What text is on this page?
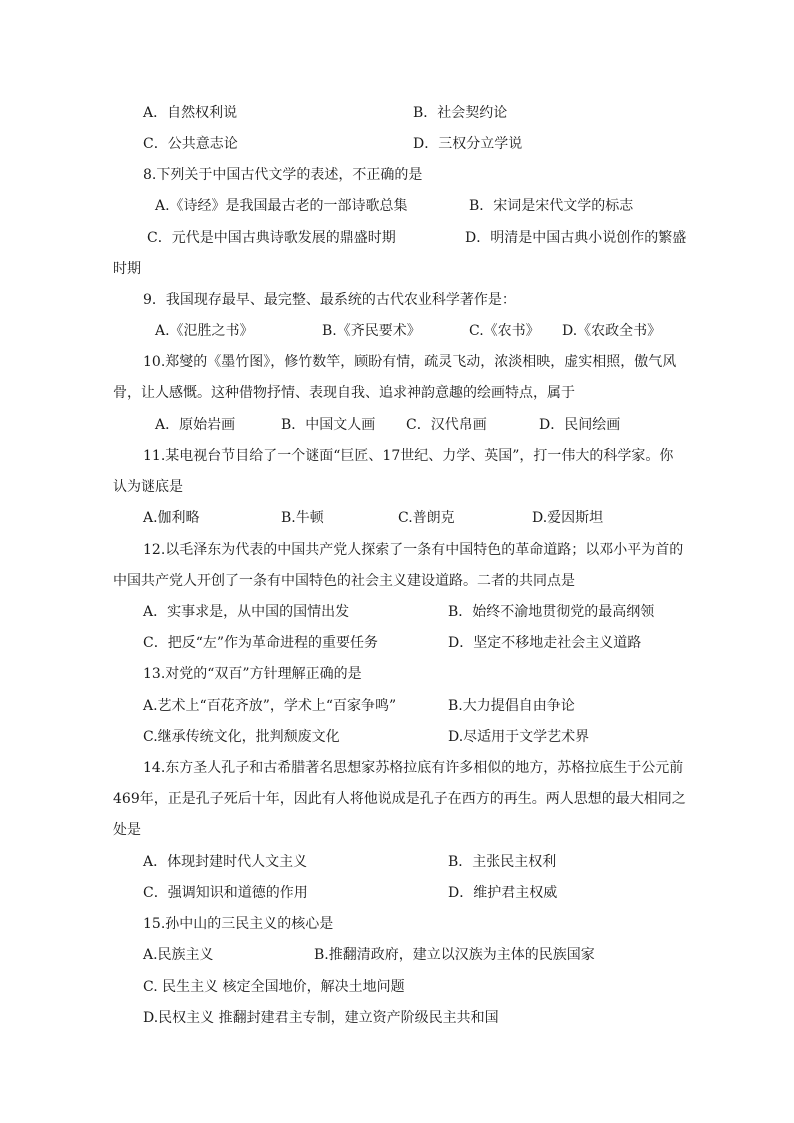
A．自然权利说	B．社会契约论
C．公共意志论	D．三权分立学说
8.下列关于中国古代文学的表述，不正确的是
A.《诗经》是我国最古老的一部诗歌总集	B．宋词是宋代文学的标志
C．元代是中国古典诗歌发展的鼎盛时期	D．明清是中国古典小说创作的繁盛
时期
9．我国现存最早、最完整、最系统的古代农业科学著作是：
A.《氾胜之书》	B.《齐民要术》	C.《农书》 D.《农政全书》
10.郑燮的《墨竹图》，修竹数竿，顾盼有情，疏灵飞动，浓淡相映，虚实相照，傲气风
骨，让人感慨。这种借物抒情、表现自我、追求神韵意趣的绘画特点，属于
A．原始岩画	B．中国文人画 C．汉代帛画	D．民间绘画
11.某电视台节目给了一个谜面“巨匠、17世纪、力学、英国”，打一伟大的科学家。你
认为谜底是
A.伽利略	B.牛顿	C.普朗克	D.爱因斯坦
12.以毛泽东为代表的中国共产党人探索了一条有中国特色的革命道路；以邓小平为首的
中国共产党人开创了一条有中国特色的社会主义建设道路。二者的共同点是
A．实事求是，从中国的国情出发	B．始终不渝地贯彻党的最高纲领
C．把反“左”作为革命进程的重要任务	D．坚定不移地走社会主义道路
13.对党的“双百”方针理解正确的是
A.艺术上“百花齐放”，学术上“百家争鸣”	B.大力提倡自由争论
C.继承传统文化，批判颓废文化	D.尽适用于文学艺术界
14.东方圣人孔子和古希腊著名思想家苏格拉底有许多相似的地方，苏格拉底生于公元前
469年，正是孔子死后十年，因此有人将他说成是孔子在西方的再生。两人思想的最大相同之
处是
A．体现封建时代人文主义	B．主张民主权利
C．强调知识和道德的作用	D．维护君主权威
15.孙中山的三民主义的核心是
A.民族主义	B.推翻清政府，建立以汉族为主体的民族国家
C. 民生主义 核定全国地价，解决土地问题
D.民权主义 推翻封建君主专制，建立资产阶级民主共和国
